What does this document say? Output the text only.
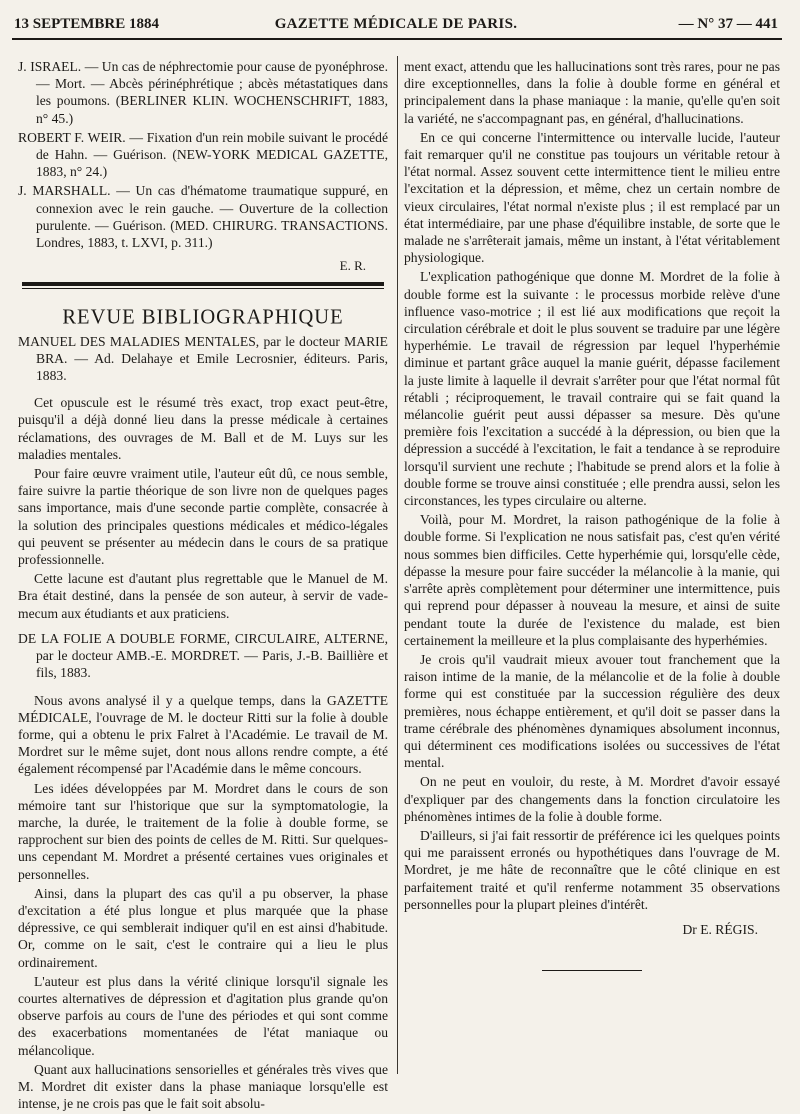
13 SEPTEMBRE 1884	GAZETTE MÉDICALE DE PARIS.	— N° 37 — 441

J. ISRAEL. — Un cas de néphrectomie pour cause de pyonéphrose. — Mort. — Abcès périnéphrétique ; abcès métastatiques dans les poumons. (BERLINER KLIN. WOCHENSCHRIFT, 1883, n° 45.)

ROBERT F. WEIR. — Fixation d'un rein mobile suivant le procédé de Hahn. — Guérison. (NEW-YORK MEDICAL GAZETTE, 1883, n° 24.)

J. MARSHALL. — Un cas d'hématome traumatique suppuré, en connexion avec le rein gauche. — Ouverture de la collection purulente. — Guérison. (MED. CHIRURG. TRANSACTIONS. Londres, 1883, t. LXVI, p. 311.)

E. R.
REVUE BIBLIOGRAPHIQUE

MANUEL DES MALADIES MENTALES, par le docteur MARIE BRA. — Ad. Delahaye et Emile Lecrosnier, éditeurs. Paris, 1883.

Cet opuscule est le résumé très exact, trop exact peut-être, puisqu'il a déjà donné lieu dans la presse médicale à certaines réclamations, des ouvrages de M. Ball et de M. Luys sur les maladies mentales.

Pour faire œuvre vraiment utile, l'auteur eût dû, ce nous semble, faire suivre la partie théorique de son livre non de quelques pages sans importance, mais d'une seconde partie complète, consacrée à la solution des principales questions médicales et médico-légales qui peuvent se présenter au médecin dans le cours de sa pratique professionnelle.

Cette lacune est d'autant plus regrettable que le Manuel de M. Bra était destiné, dans la pensée de son auteur, à servir de vade-mecum aux étudiants et aux praticiens.

DE LA FOLIE A DOUBLE FORME, CIRCULAIRE, ALTERNE, par le docteur AMB.-E. MORDRET. — Paris, J.-B. Baillière et fils, 1883.

Nous avons analysé il y a quelque temps, dans la GAZETTE MÉDICALE, l'ouvrage de M. le docteur Ritti sur la folie à double forme, qui a obtenu le prix Falret à l'Académie. Le travail de M. Mordret sur le même sujet, dont nous allons rendre compte, a été également récompensé par l'Académie dans le même concours.

Les idées développées par M. Mordret dans le cours de son mémoire tant sur l'historique que sur la symptomatologie, la marche, la durée, le traitement de la folie à double forme, se rapprochent sur bien des points de celles de M. Ritti. Sur quelques-uns cependant M. Mordret a présenté certaines vues originales et personnelles.

Ainsi, dans la plupart des cas qu'il a pu observer, la phase d'excitation a été plus longue et plus marquée que la phase dépressive, ce qui semblerait indiquer qu'il en est ainsi d'habitude. Or, comme on le sait, c'est le contraire qui a lieu le plus ordinairement.

L'auteur est plus dans la vérité clinique lorsqu'il signale les courtes alternatives de dépression et d'agitation plus grande qu'on observe parfois au cours de l'une des périodes et qui sont comme des exacerbations momentanées de l'état maniaque ou mélancolique.

Quant aux hallucinations sensorielles et générales très vives que M. Mordret dit exister dans la phase maniaque lorsqu'elle est intense, je ne crois pas que le fait soit absolu-

ment exact, attendu que les hallucinations sont très rares, pour ne pas dire exceptionnelles, dans la folie à double forme en général et principalement dans la phase maniaque : la manie, qu'elle qu'en soit la variété, ne s'accompagnant pas, en général, d'hallucinations.

En ce qui concerne l'intermittence ou intervalle lucide, l'auteur fait remarquer qu'il ne constitue pas toujours un véritable retour à l'état normal. Assez souvent cette intermittence tient le milieu entre l'excitation et la dépression, et même, chez un certain nombre de vieux circulaires, l'état normal n'existe plus ; il est remplacé par un état intermédiaire, par une phase d'équilibre instable, de sorte que le malade ne s'arrêterait jamais, même un instant, à l'état véritablement physiologique.

L'explication pathogénique que donne M. Mordret de la folie à double forme est la suivante : le processus morbide relève d'une influence vaso-motrice ; il est lié aux modifications que reçoit la circulation cérébrale et doit le plus souvent se traduire par une légère hyperhémie. Le travail de régression par lequel l'hyperhémie diminue et partant grâce auquel la manie guérit, dépasse facilement la juste limite à laquelle il devrait s'arrêter pour que l'état normal fût rétabli ; réciproquement, le travail contraire qui se fait quand la mélancolie guérit peut aussi dépasser sa mesure. Dès qu'une première fois l'excitation a succédé à la dépression, ou bien que la dépression a succédé à l'excitation, le fait a tendance à se reproduire lorsqu'il survient une rechute ; l'habitude se prend alors et la folie à double forme se trouve ainsi constituée ; elle prendra aussi, selon les circonstances, les types circulaire ou alterne.

Voilà, pour M. Mordret, la raison pathogénique de la folie à double forme. Si l'explication ne nous satisfait pas, c'est qu'en vérité nous sommes bien difficiles. Cette hyperhémie qui, lorsqu'elle cède, dépasse la mesure pour faire succéder la mélancolie à la manie, qui s'arrête après complètement pour déterminer une intermittence, puis qui reprend pour dépasser à nouveau la mesure, et ainsi de suite pendant toute la durée de l'existence du malade, est bien certainement la meilleure et la plus complaisante des hyperhémies.

Je crois qu'il vaudrait mieux avouer tout franchement que la raison intime de la manie, de la mélancolie et de la folie à double forme qui est constituée par la succession régulière des deux premières, nous échappe entièrement, et qu'il doit se passer dans la trame cérébrale des phénomènes dynamiques absolument inconnus, qui déterminent ces modifications isolées ou successives de l'état mental.

On ne peut en vouloir, du reste, à M. Mordret d'avoir essayé d'expliquer par des changements dans la fonction circulatoire les phénomènes intimes de la folie à double forme.

D'ailleurs, si j'ai fait ressortir de préférence ici les quelques points qui me paraissent erronés ou hypothétiques dans l'ouvrage de M. Mordret, je me hâte de reconnaître que le côté clinique en est parfaitement traité et qu'il renferme notamment 35 observations personnelles pour la plupart pleines d'intérêt.

Dr E. RÉGIS.
